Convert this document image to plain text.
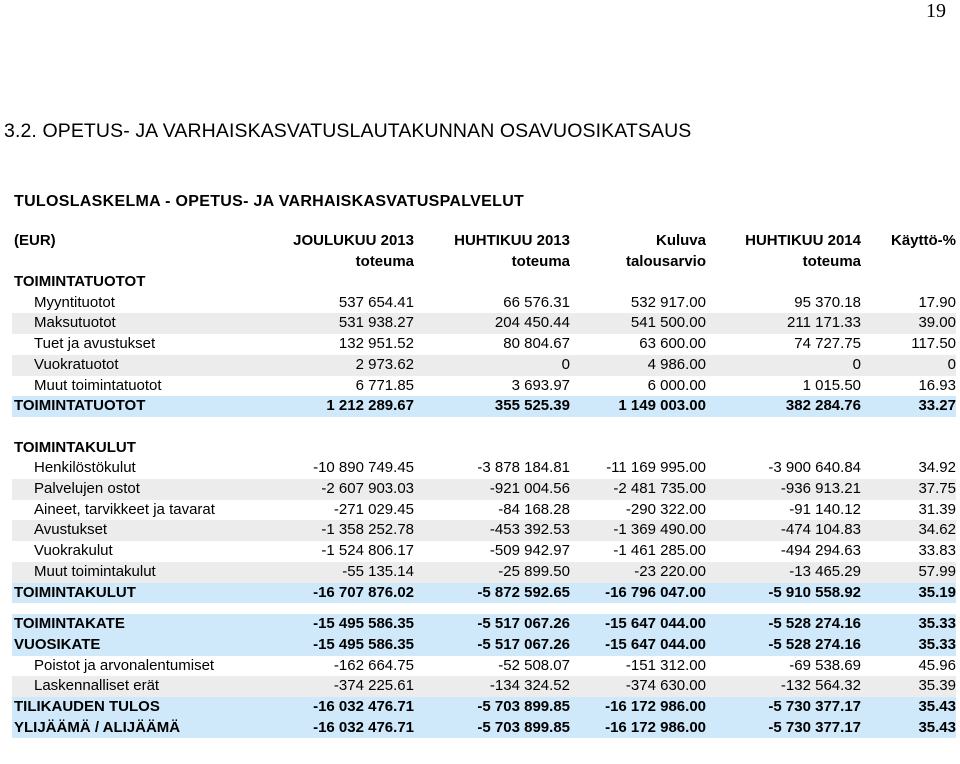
19
3.2. OPETUS- JA VARHAISKASVATUSLAUTAKUNNAN OSAVUOSIKATSAUS
TULOSLASKELMA - OPETUS- JA VARHAISKASVATUSPALVELUT
(EUR)	JOULUKUU 2013	HUHTIKUU 2013	Kuluva	HUHTIKUU 2014	Käyttö-%
	toteuma	toteuma	talousarvio	toteuma	
TOIMINTATUOTOT					
Myyntituotot	537 654.41	66 576.31	532 917.00	95 370.18	17.90
Maksutuotot	531 938.27	204 450.44	541 500.00	211 171.33	39.00
Tuet ja avustukset	132 951.52	80 804.67	63 600.00	74 727.75	117.50
Vuokratuotot	2 973.62	0	4 986.00	0	0
Muut toimintatuotot	6 771.85	3 693.97	6 000.00	1 015.50	16.93
TOIMINTATUOTOT	1 212 289.67	355 525.39	1 149 003.00	382 284.76	33.27

TOIMINTAKULUT					
Henkilöstökulut	-10 890 749.45	-3 878 184.81	-11 169 995.00	-3 900 640.84	34.92
Palvelujen ostot	-2 607 903.03	-921 004.56	-2 481 735.00	-936 913.21	37.75
Aineet, tarvikkeet ja tavarat	-271 029.45	-84 168.28	-290 322.00	-91 140.12	31.39
Avustukset	-1 358 252.78	-453 392.53	-1 369 490.00	-474 104.83	34.62
Vuokrakulut	-1 524 806.17	-509 942.97	-1 461 285.00	-494 294.63	33.83
Muut toimintakulut	-55 135.14	-25 899.50	-23 220.00	-13 465.29	57.99
TOIMINTAKULUT	-16 707 876.02	-5 872 592.65	-16 796 047.00	-5 910 558.92	35.19

TOIMINTAKATE	-15 495 586.35	-5 517 067.26	-15 647 044.00	-5 528 274.16	35.33
VUOSIKATE	-15 495 586.35	-5 517 067.26	-15 647 044.00	-5 528 274.16	35.33
Poistot ja arvonalentumiset	-162 664.75	-52 508.07	-151 312.00	-69 538.69	45.96
Laskennalliset erät	-374 225.61	-134 324.52	-374 630.00	-132 564.32	35.39
TILIKAUDEN TULOS	-16 032 476.71	-5 703 899.85	-16 172 986.00	-5 730 377.17	35.43
YLIJÄÄMÄ / ALIJÄÄMÄ	-16 032 476.71	-5 703 899.85	-16 172 986.00	-5 730 377.17	35.43
